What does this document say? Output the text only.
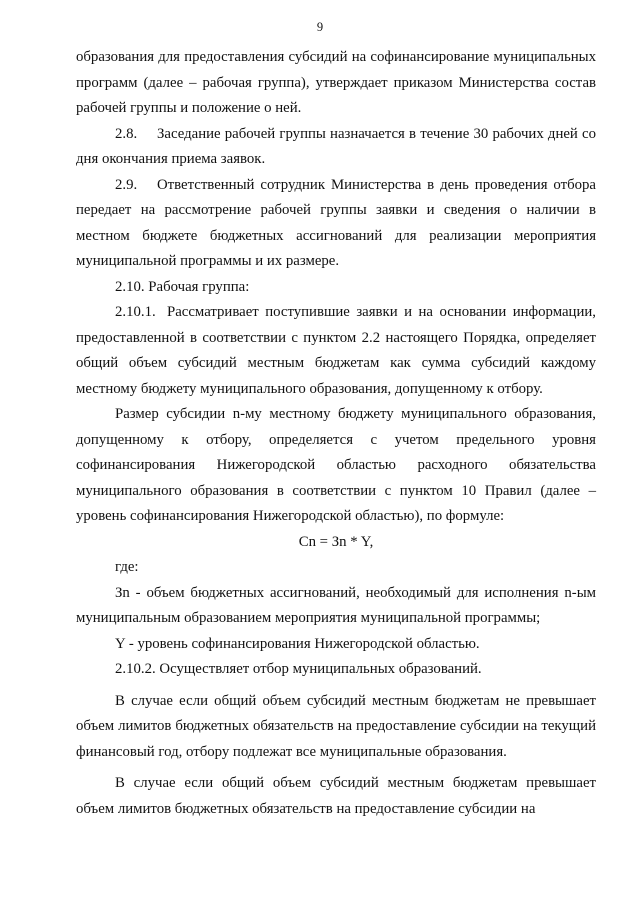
9

образования для предоставления субсидий на софинансирование муниципальных программ (далее – рабочая группа), утверждает приказом Министерства состав рабочей группы и положение о ней.

2.8. Заседание рабочей группы назначается в течение 30 рабочих дней со дня окончания приема заявок.

2.9. Ответственный сотрудник Министерства в день проведения отбора передает на рассмотрение рабочей группы заявки и сведения о наличии в местном бюджете бюджетных ассигнований для реализации мероприятия муниципальной программы и их размере.

2.10. Рабочая группа:

2.10.1. Рассматривает поступившие заявки и на основании информации, предоставленной в соответствии с пунктом 2.2 настоящего Порядка, определяет общий объем субсидий местным бюджетам как сумма субсидий каждому местному бюджету муниципального образования, допущенному к отбору.

Размер субсидии n-му местному бюджету муниципального образования, допущенному к отбору, определяется с учетом предельного уровня софинансирования Нижегородской областью расходного обязательства муниципального образования в соответствии с пунктом 10 Правил (далее – уровень софинансирования Нижегородской областью), по формуле:

Cn = Зn * Y,

где:

Зn - объем бюджетных ассигнований, необходимый для исполнения n-ым муниципальным образованием мероприятия муниципальной программы;

Y - уровень софинансирования Нижегородской областью.

2.10.2. Осуществляет отбор муниципальных образований.

В случае если общий объем субсидий местным бюджетам не превышает объем лимитов бюджетных обязательств на предоставление субсидии на текущий финансовый год, отбору подлежат все муниципальные образования.

В случае если общий объем субсидий местным бюджетам превышает объем лимитов бюджетных обязательств на предоставление субсидии на
